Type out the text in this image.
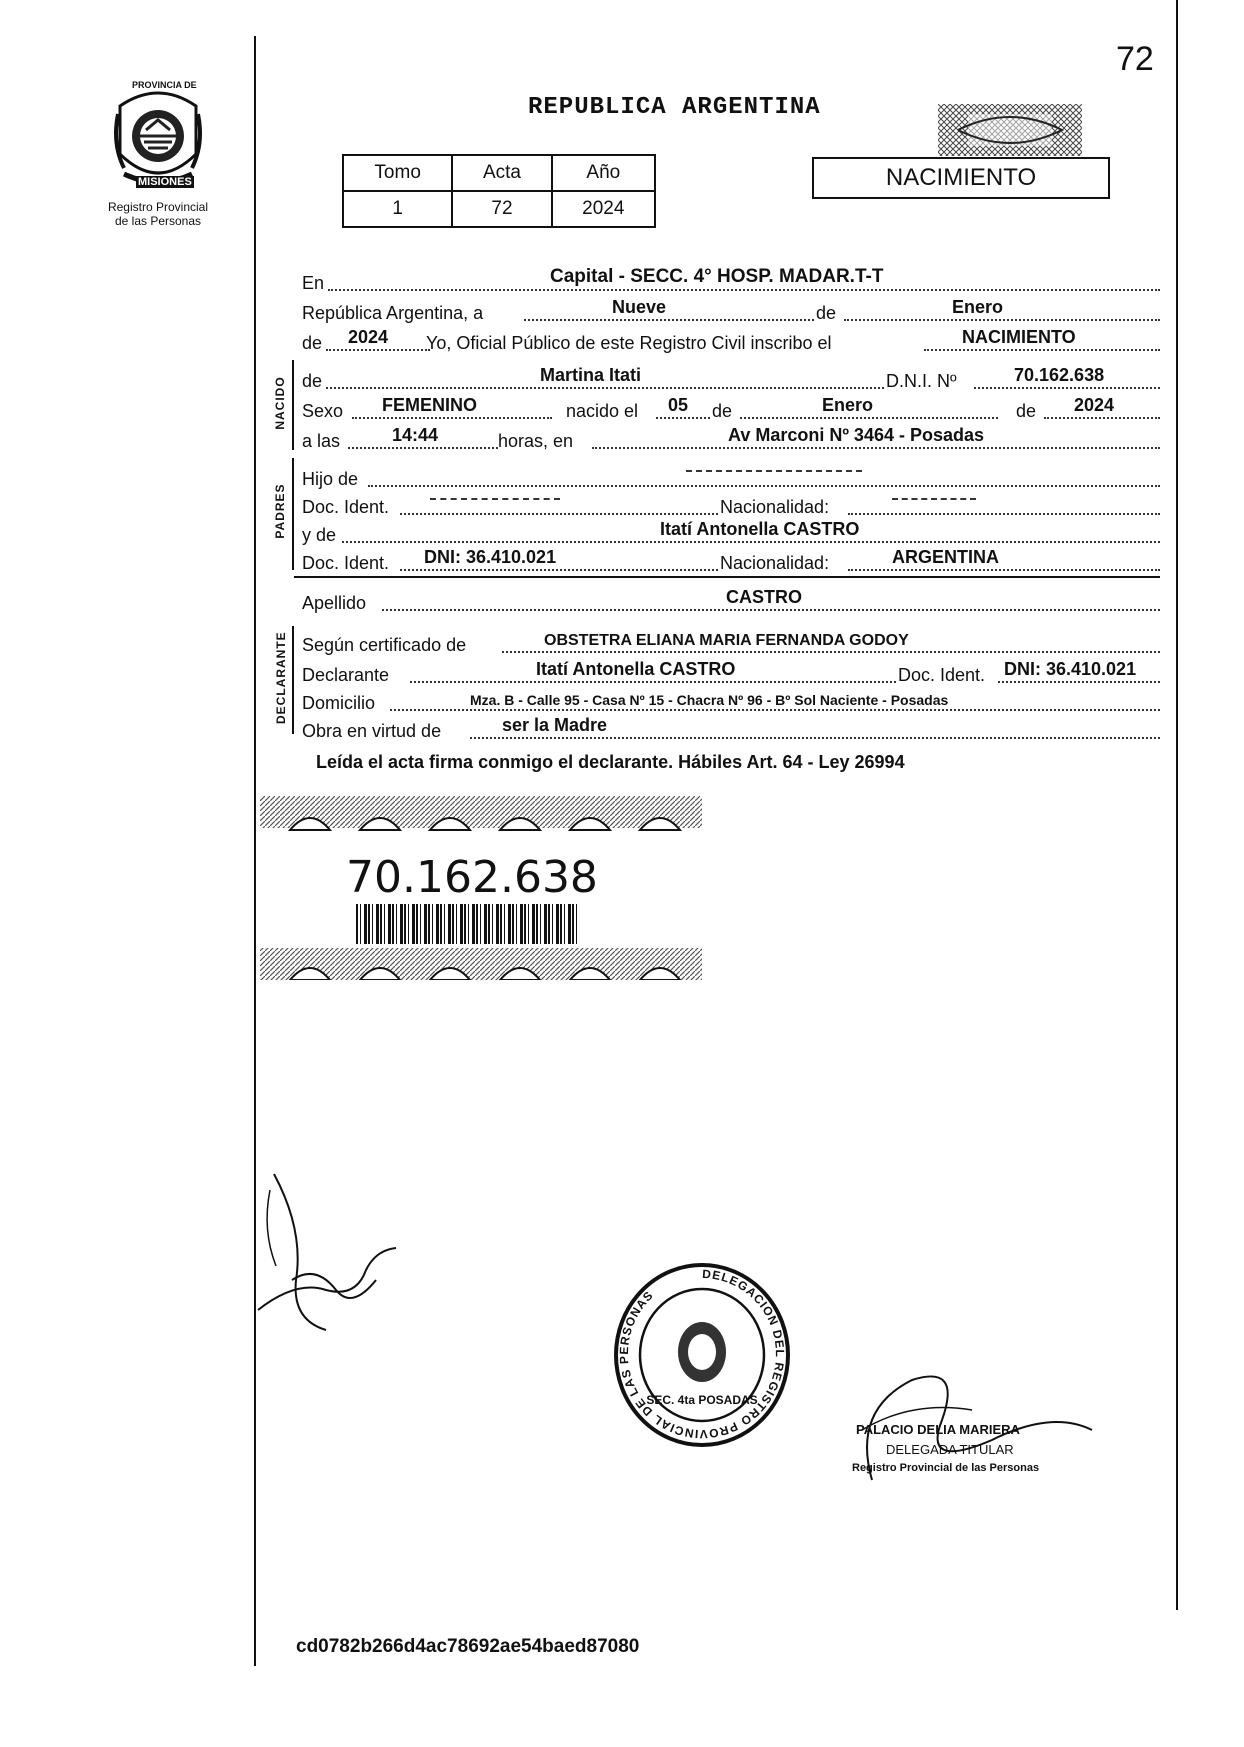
72
PROVINCIA DE
MISIONES
Registro Provincial
de las Personas
REPUBLICA ARGENTINA
Tomo	Acta	Año
1	72	2024
NACIMIENTO
En	Capital - SECC. 4° HOSP. MADAR.T-T
República Argentina, a	Nueve	de	Enero
de 2024 Yo, Oficial Público de este Registro Civil inscribo el	NACIMIENTO
NACIDO de	Martina Itati	D.N.I. Nº	70.162.638
Sexo FEMENINO	nacido el 05 de	Enero	de 2024
a las	14:44	horas, en	Av Marconi Nº 3464 - Posadas
PADRES
Hijo de
Doc. Ident.	Nacionalidad:
y de	Itatí Antonella CASTRO
Doc. Ident. DNI: 36.410.021	Nacionalidad:	ARGENTINA
Apellido	CASTRO
DECLARANTE Según certificado de	OBSTETRA ELIANA MARIA FERNANDA GODOY
Declarante	Itatí Antonella CASTRO	Doc. Ident. DNI: 36.410.021
Domicilio	Mza. B - Calle 95 - Casa Nº 15 - Chacra Nº 96 - Bº Sol Naciente - Posadas
Obra en virtud de	ser la Madre
Leída el acta firma conmigo el declarante. Hábiles Art. 64 - Ley 26994
70.162.638
DELEGACION DEL REGISTRO PROVINCIAL DE LAS PERSONAS
SEC. 4ta POSADAS
PALACIO DELIA MARIERA
DELEGADA TITULAR
Registro Provincial de las Personas
cd0782b266d4ac78692ae54baed87080
